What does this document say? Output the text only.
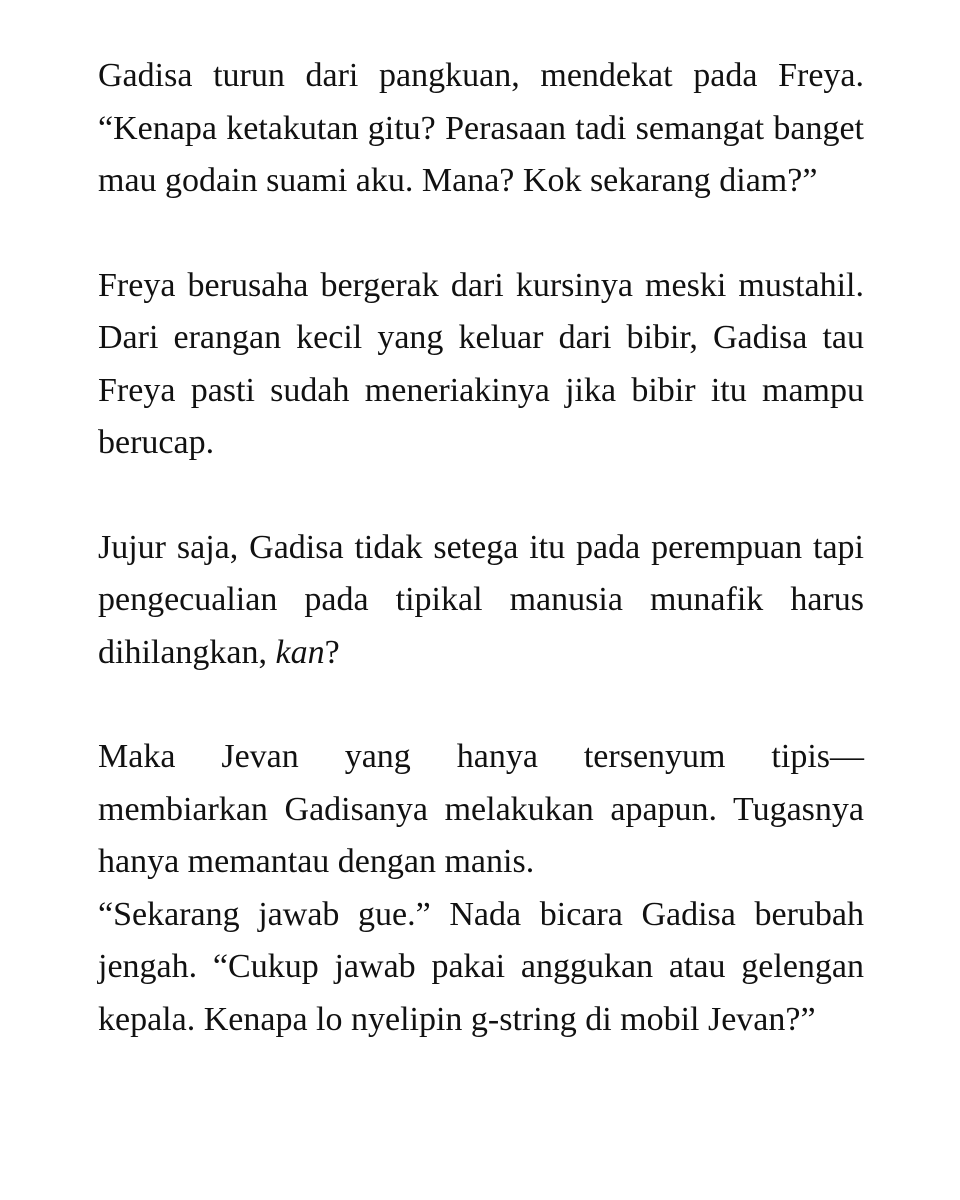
Gadisa turun dari pangkuan, mendekat pada Freya. “Kenapa ketakutan gitu? Perasaan tadi semangat banget mau godain suami aku. Mana? Kok sekarang diam?”

Freya berusaha bergerak dari kursinya meski mustahil. Dari erangan kecil yang keluar dari bibir, Gadisa tau Freya pasti sudah meneriakinya jika bibir itu mampu berucap.

Jujur saja, Gadisa tidak setega itu pada perempuan tapi pengecualian pada tipikal manusia munafik harus dihilangkan, kan?

Maka Jevan yang hanya tersenyum tipis—

membiarkan Gadisanya melakukan apapun. Tugasnya hanya memantau dengan manis.

“Sekarang jawab gue.” Nada bicara Gadisa berubah jengah. “Cukup jawab pakai anggukan atau gelengan kepala. Kenapa lo nyelipin g-string di mobil Jevan?”
